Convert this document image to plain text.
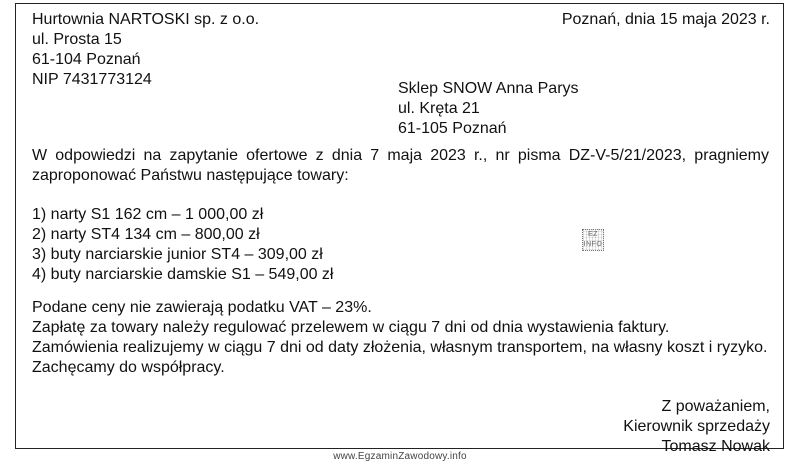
Hurtownia NARTOSKI sp. z o.o.
ul. Prosta 15
61-104 Poznań
NIP 7431773124
Poznań, dnia 15 maja 2023 r.
Sklep SNOW Anna Parys
ul. Kręta 21
61-105 Poznań
W odpowiedzi na zapytanie ofertowe z dnia 7 maja 2023 r., nr pisma DZ-V-5/21/2023, pragniemy zaproponować Państwu następujące towary:
1) narty S1 162 cm – 1 000,00 zł
2) narty ST4 134 cm – 800,00 zł
3) buty narciarskie junior ST4 – 309,00 zł
4) buty narciarskie damskie S1 – 549,00 zł
EZ INFO
Podane ceny nie zawierają podatku VAT – 23%.
Zapłatę za towary należy regulować przelewem w ciągu 7 dni od dnia wystawienia faktury.
Zamówienia realizujemy w ciągu 7 dni od daty złożenia, własnym transportem, na własny koszt i ryzyko.
Zachęcamy do współpracy.
Z poważaniem,
Kierownik sprzedaży
Tomasz Nowak
www.EgzaminZawodowy.info
